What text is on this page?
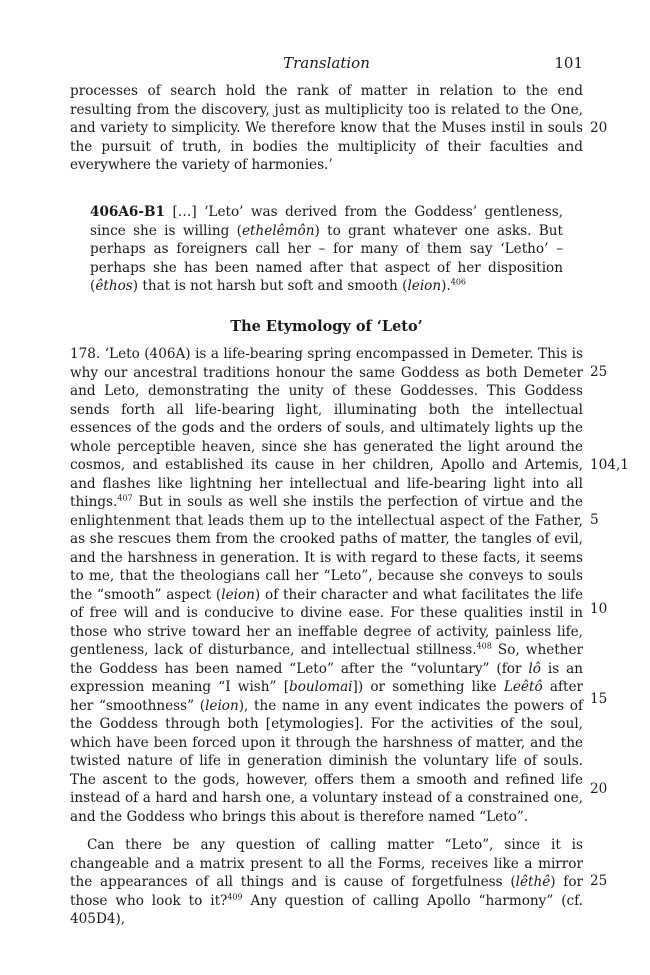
Translation	101

processes of search hold the rank of matter in relation to the end resulting from the discovery, just as multiplicity too is related to the One, and variety to simplicity. We therefore know that the Muses instil in souls the pursuit of truth, in bodies the multiplicity of their faculties and everywhere the variety of harmonies.’

406A6-B1 […] ‘Leto’ was derived from the Goddess’ gentleness, since she is willing (ethelêmôn) to grant whatever one asks. But perhaps as foreigners call her – for many of them say ‘Letho’ – perhaps she has been named after that aspect of her disposition (êthos) that is not harsh but soft and smooth (leion).$^{406}$

The Etymology of ‘Leto’

178. ‘Leto (406A) is a life-bearing spring encompassed in Demeter. This is why our ancestral traditions honour the same Goddess as both Demeter and Leto, demonstrating the unity of these Goddesses. This Goddess sends forth all life-bearing light, illuminating both the intellectual essences of the gods and the orders of souls, and ultimately lights up the whole perceptible heaven, since she has generated the light around the cosmos, and established its cause in her children, Apollo and Artemis, and flashes like lightning her intellectual and life-bearing light into all things.$^{407}$ But in souls as well she instils the perfection of virtue and the enlightenment that leads them up to the intellectual aspect of the Father, as she rescues them from the crooked paths of matter, the tangles of evil, and the harshness in generation. It is with regard to these facts, it seems to me, that the theologians call her “Leto”, because she conveys to souls the “smooth” aspect (leion) of their character and what facilitates the life of free will and is conducive to divine ease. For these qualities instil in those who strive toward her an ineffable degree of activity, painless life, gentleness, lack of disturbance, and intellectual stillness.$^{408}$ So, whether the Goddess has been named “Leto” after the “voluntary” (for lô is an expression meaning “I wish” [boulomai]) or something like Leêtô after her “smoothness” (leion), the name in any event indicates the powers of the Goddess through both [etymologies]. For the activities of the soul, which have been forced upon it through the harshness of matter, and the twisted nature of life in generation diminish the voluntary life of souls. The ascent to the gods, however, offers them a smooth and refined life instead of a hard and harsh one, a voluntary instead of a constrained one, and the Goddess who brings this about is therefore named “Leto”.

Can there be any question of calling matter “Leto”, since it is changeable and a matrix present to all the Forms, receives like a mirror the appearances of all things and is cause of forgetfulness (lêthê) for those who look to it?$^{409}$ Any question of calling Apollo “harmony” (cf. 405D4),

20
25
104,1
5
10
15
20
25
